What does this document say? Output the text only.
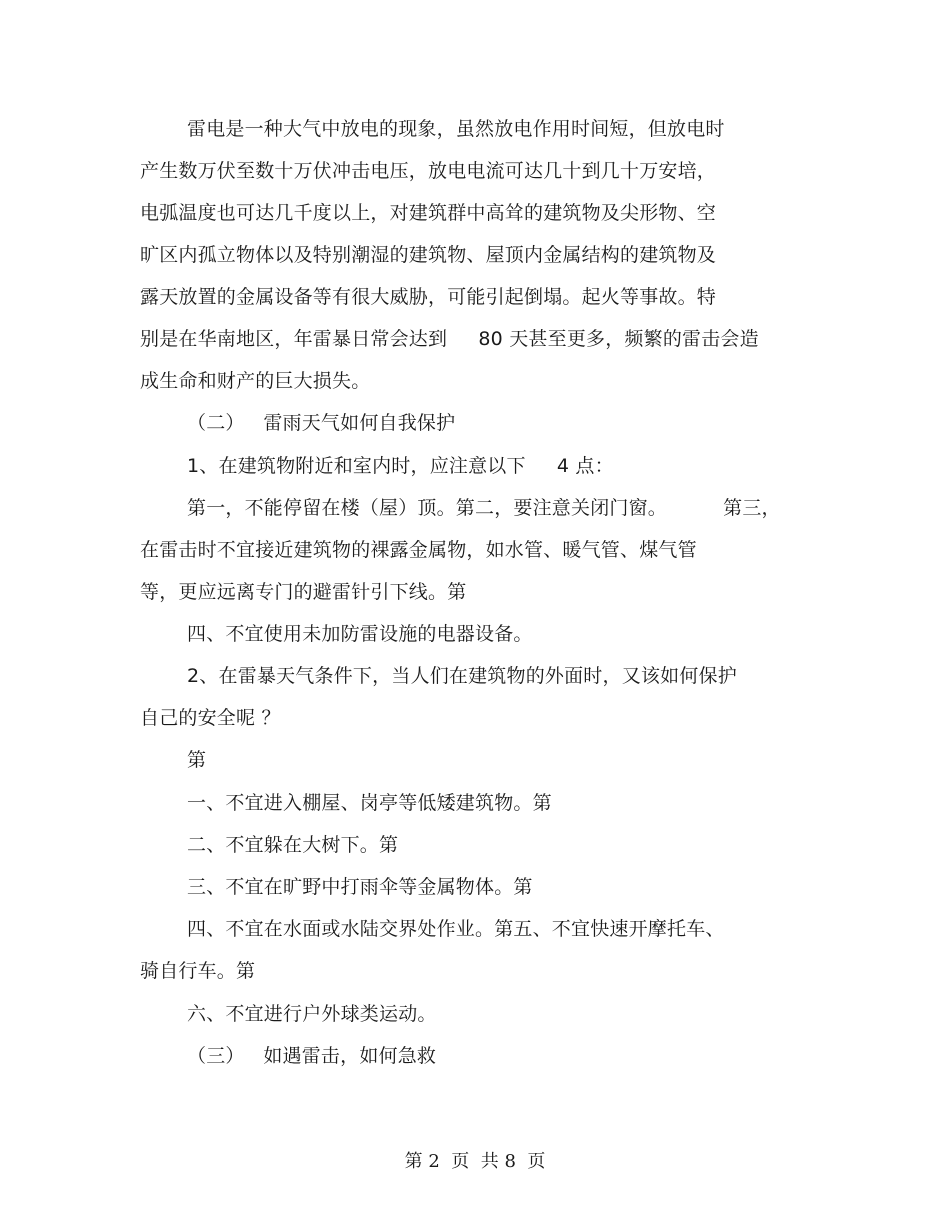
雷电是一种大气中放电的现象，虽然放电作用时间短，但放电时
产生数万伏至数十万伏冲击电压，放电电流可达几十到几十万安培，
电弧温度也可达几千度以上，对建筑群中高耸的建筑物及尖形物、空
旷区内孤立物体以及特别潮湿的建筑物、屋顶内金属结构的建筑物及
露天放置的金属设备等有很大威胁，可能引起倒塌。起火等事故。特
别是在华南地区，年雷暴日常会达到     80 天甚至更多，频繁的雷击会造
成生命和财产的巨大损失。
（二）   雷雨天气如何自我保护
1、在建筑物附近和室内时，应注意以下     4 点：
第一，不能停留在楼（屋）顶。第二，要注意关闭门窗。         第三，
在雷击时不宜接近建筑物的裸露金属物，如水管、暖气管、煤气管
等，更应远离专门的避雷针引下线。第
四、不宜使用未加防雷设施的电器设备。
2、在雷暴天气条件下，当人们在建筑物的外面时，又该如何保护
自己的安全呢 ？
第
一、不宜进入棚屋、岗亭等低矮建筑物。第
二、不宜躲在大树下。第
三、不宜在旷野中打雨伞等金属物体。第
四、不宜在水面或水陆交界处作业。第五、不宜快速开摩托车、
骑自行车。第
六、不宜进行户外球类运动。
（三）   如遇雷击，如何急救
第 2  页  共 8  页
